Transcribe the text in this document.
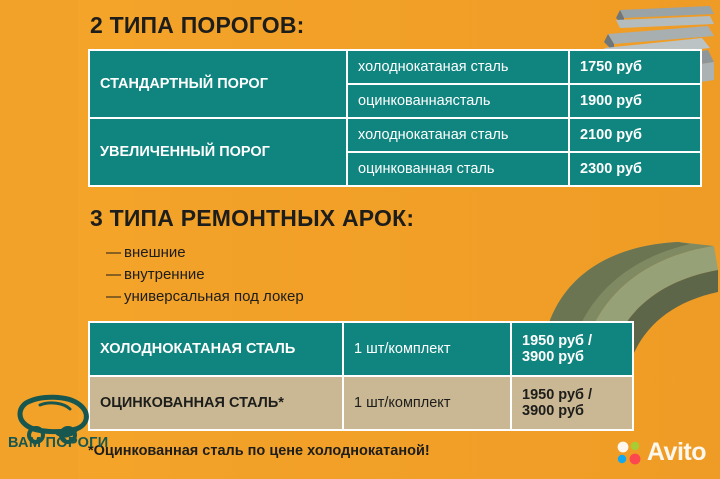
2 ТИПА ПОРОГОВ:
СТАНДАРТНЫЙ ПОРОГ	холоднокатаная сталь	1750 руб
	оцинкованнаясталь	1900 руб
УВЕЛИЧЕННЫЙ ПОРОГ	холоднокатаная сталь	2100 руб
	оцинкованная сталь	2300 руб
3 ТИПА РЕМОНТНЫХ АРОК:
— внешние
— внутренние
— универсальная под локер
ХОЛОДНОКАТАНАЯ СТАЛЬ	1 шт/комплект	1950 руб / 3900 руб
ОЦИНКОВАННАЯ СТАЛЬ*	1 шт/комплект	1950 руб / 3900 руб
*Оцинкованная сталь по цене холоднокатаной!
ВАМ ПОРОГИ	Avito
